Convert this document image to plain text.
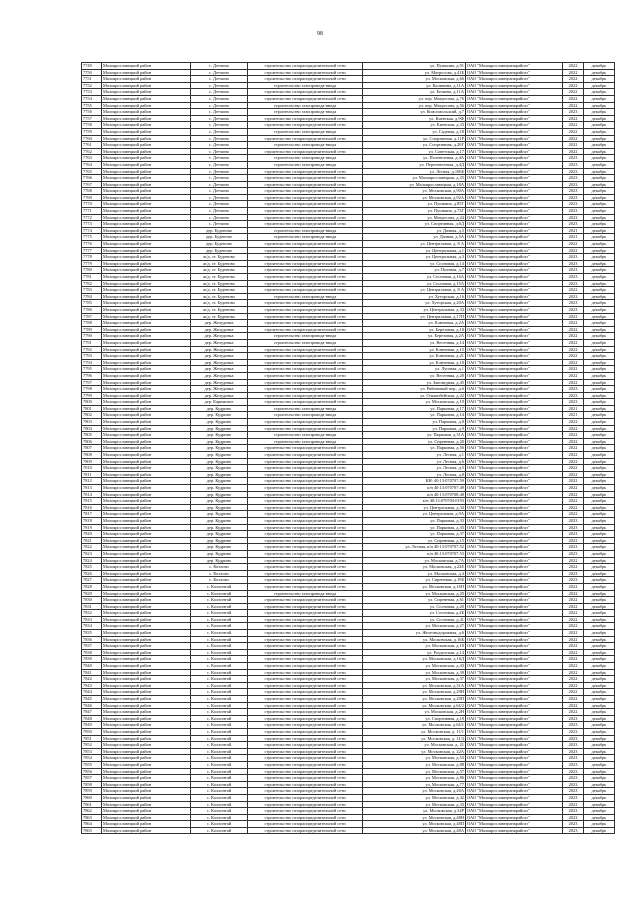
98
7749	Малоярославецкий район	с. Детчино	строительство газораспределительной сети	ул. Пушкина, д.91	ОАО "Малоярославецмежрайгаз"	2022	декабрь
7750	Малоярославецкий район	с. Детчино	строительство газораспределительной сети	ул. Матросова, д.41Б	ОАО "Малоярославецмежрайгаз"	2022	декабрь
7751	Малоярославецкий район	с. Детчино	строительство газораспределительной сети	ул. Московская, д.66	ОАО "Малоярославецмежрайгаз"	2022	декабрь
7752	Малоярославецкий район	с. Детчино	строительство газопровода-ввода	ул. Калинина, д.11А	ОАО "Малоярославецмежрайгаз"	2022	декабрь
7753	Малоярославецкий район	с. Детчино	строительство газораспределительной сети	ул. Беляева, д.11А	ОАО "Малоярославецмежрайгаз"	2022	декабрь
7754	Малоярославецкий район	с. Детчино	строительство газораспределительной сети	ул. пер. Матросова, д.76	ОАО "Малоярославецмежрайгаз"	2022	декабрь
7755	Малоярославецкий район	с. Детчино	строительство газопровода-ввода	ул. пер. Матросова, д.56	ОАО "Малоярославецмежрайгаз"	2022	декабрь
7756	Малоярославецкий район	с. Детчино	строительство газопровода-ввода	ул. Комсомольский, д.7	ОАО "Малоярославецмежрайгаз"	2023	декабрь
7757	Малоярославецкий район	с. Детчино	строительство газораспределительной сети	ул. Киевская, д.9Ф	ОАО "Малоярославецмежрайгаз"	2022	декабрь
7758	Малоярославецкий район	с. Детчино	строительство газораспределительной сети	ул. Киевская, д.33	ОАО "Малоярославецмежрайгаз"	2022	декабрь
7759	Малоярославецкий район	с. Детчино	строительство газопровода-ввода	ул. Садовая, д.18	ОАО "Малоярославецмежрайгаз"	2022	декабрь
7760	Малоярославецкий район	с. Детчино	строительство газораспределительной сети	ул. Спортивная, д.11Р	ОАО "Малоярославецмежрайгаз"	2022	декабрь
7761	Малоярославецкий район	с. Детчино	строительство газопровода-ввода	ул. Спортивная, д.20Г	ОАО "Малоярославецмежрайгаз"	2022	декабрь
7762	Малоярославецкий район	с. Детчино	строительство газораспределительной сети	ул. Советская, д.17	ОАО "Малоярославецмежрайгаз"	2022	декабрь
7763	Малоярославецкий район	с. Детчино	строительство газопровода-ввода	ул. Полевелевая, д.4А	ОАО "Малоярославецмежрайгаз"	2023	декабрь
7764	Малоярославецкий район	с. Детчино	строительство газопровода-ввода	ул. Перелевелевая, д.4Д	ОАО "Малоярославецмежрайгаз"	2023	декабрь
7765	Малоярославецкий район	с. Детчино	строительство газораспределительной сети	ул. Лесная, д.106Б	ОАО "Малоярославецмежрайгаз"	2023	декабрь
7766	Малоярославецкий район	с. Детчино	строительство газораспределительной сети	ул. Малоярославецкая, д.25	ОАО "Малоярославецмежрайгаз"	2023	декабрь
7767	Малоярославецкий район	с. Детчино	строительство газораспределительной сети	ул. Малоярославецкая, д.18А	ОАО "Малоярославецмежрайгаз"	2023	декабрь
7768	Малоярославецкий район	с. Детчино	строительство газораспределительной сети	ул. Московская, д.90А	ОАО "Малоярославецмежрайгаз"	2023	декабрь
7769	Малоярославецкий район	с. Детчино	строительство газораспределительной сети	ул. Московская, д.92А	ОАО "Малоярославецмежрайгаз"	2023	декабрь
7770	Малоярославецкий район	с. Детчино	строительство газораспределительной сети	ул. Пушкина, д.85Г	ОАО "Малоярославецмежрайгаз"	2023	декабрь
7771	Малоярославецкий район	с. Детчино	строительство газораспределительной сети	ул. Пушкина, д.73Г	ОАО "Малоярославецмежрайгаз"	2023	декабрь
7772	Малоярославецкий район	с. Детчино	строительство газораспределительной сети	ул. Матросова, д.24	ОАО "Малоярославецмежрайгаз"	2023	декабрь
7773	Малоярославецкий район	с. Детчино	строительство газораспределительной сети	ул. Спортивная, д.6Д	ОАО "Малоярославецмежрайгаз"	2023	декабрь
7774	Малоярославецкий район	дер. Буденово	строительство газопровода-ввода	ул. Дачная, д.5	ОАО "Малоярославецмежрайгаз"	2021	декабрь
7775	Малоярославецкий район	дер. Буденово	строительство газопровода-ввода	ул. Дачная, д.5А	ОАО "Малоярославецмежрайгаз"	2021	декабрь
7776	Малоярославецкий район	дер. Буденово	строительство газораспределительной сети	ул. Центральная, д. 8 А	ОАО "Малоярославецмежрайгаз"	2022	декабрь
7777	Малоярославецкий район	дер. Буденово	строительство газораспределительной сети	ул. Центральная, д.1	ОАО "Малоярославецмежрайгаз"	2022	декабрь
7778	Малоярославецкий район	ж/д. ст. Буденово	строительство газораспределительной сети	ул. Центральная, д.3	ОАО "Малоярославецмежрайгаз"	2023	декабрь
7779	Малоярославецкий район	ж/д. ст. Буденово	строительство газораспределительной сети	ул. Сосновая, д.14	ОАО "Малоярославецмежрайгаз"	2023	декабрь
7780	Малоярославецкий район	ж/д. ст. Буденово	строительство газораспределительной сети	ул. Полевая, д.7	ОАО "Малоярославецмежрайгаз"	2023	декабрь
7781	Малоярославецкий район	ж/д. ст. Буденово	строительство газораспределительной сети	ул. Сосновая, д.16А	ОАО "Малоярославецмежрайгаз"	2023	декабрь
7782	Малоярославецкий район	ж/д. ст. Буденово	строительство газораспределительной сети	ул. Сосновая, д.15А	ОАО "Малоярославецмежрайгаз"	2023	декабрь
7783	Малоярославецкий район	ж/д. ст. Буденово	строительство газораспределительной сети	ул. Центральная, д. 8 А	ОАО "Малоярославецмежрайгаз"	2022	декабрь
7784	Малоярославецкий район	ж/д. ст. Буденово	строительство газопровода-ввода	ул. Хуторская, д.16	ОАО "Малоярославецмежрайгаз"	2023	декабрь
7785	Малоярославецкий район	ж/д. ст. Буденово	строительство газораспределительной сети	ул. Хуторская, д.20А	ОАО "Малоярославецмежрайгаз"	2023	декабрь
7786	Малоярославецкий район	ж/д. ст. Буденово	строительство газораспределительной сети	ул. Центральная, д.33	ОАО "Малоярославецмежрайгаз"	2023	декабрь
7787	Малоярославецкий район	ж/д. ст. Буденово	строительство газораспределительной сети	ул. Центральная, д.17П	ОАО "Малоярославецмежрайгаз"	2023	декабрь
7788	Малоярославецкий район	дер. Желудовка	строительство газораспределительной сети	ул. Ключевая, д.2А	ОАО "Малоярославецмежрайгаз"	2022	декабрь
7789	Малоярославецкий район	дер. Желудовка	строительство газораспределительной сети	ул. Березовая, д.18	ОАО "Малоярославецмежрайгаз"	2022	декабрь
7790	Малоярославецкий район	дер. Желудовка	строительство газопровода-ввода	ул. Березовая, д.2А	ОАО "Малоярославецмежрайгаз"	2022	декабрь
7791	Малоярославецкий район	дер. Желудовка	строительство газопровода-ввода	ул. Весенняя, д.14	ОАО "Малоярославецмежрайгаз"	2022	декабрь
7792	Малоярославецкий район	дер. Желудовка	строительство газораспределительной сети	ул. Ключевая, д.15	ОАО "Малоярославецмежрайгаз"	2022	декабрь
7793	Малоярославецкий район	дер. Желудовка	строительство газораспределительной сети	ул. Ключевая, д.21	ОАО "Малоярославецмежрайгаз"	2022	декабрь
7794	Малоярославецкий район	дер. Желудовка	строительство газораспределительной сети	ул. Ключевая, д.18	ОАО "Малоярославецмежрайгаз"	2022	декабрь
7795	Малоярославецкий район	дер. Желудовка	строительство газораспределительной сети	ул. Луговая, д.1	ОАО "Малоярославецмежрайгаз"	2022	декабрь
7796	Малоярославецкий район	дер. Желудовка	строительство газораспределительной сети	ул. Весенняя, д.20	ОАО "Малоярославецмежрайгаз"	2022	декабрь
7797	Малоярославецкий район	дер. Желудовка	строительство газораспределительной сети	ул. Заповедная, д.45	ОАО "Малоярославецмежрайгаз"	2022	декабрь
7798	Малоярославецкий район	дер. Желудовка	строительство газораспределительной сети	ул. Рябиновый пер., д.6	ОАО "Малоярославецмежрайгаз"	2023	декабрь
7799	Малоярославецкий район	дер. Желудовка	строительство газораспределительной сети	ул. Ольшибейская, д.22	ОАО "Малоярославецмежрайгаз"	2023	декабрь
7800	Малоярославецкий район	дер. Карижское	строительство газораспределительной сети	ул. Московская, д.19	ОАО "Малоярославецмежрайгаз"	2023	декабрь
7801	Малоярославецкий район	дер. Кудрино	строительство газопровода-ввода	ул. Парковая, д.17	ОАО "Малоярославецмежрайгаз"	2021	декабрь
7802	Малоярославецкий район	дер. Кудрино	строительство газопровода-ввода	ул. Парковая, д.14	ОАО "Малоярославецмежрайгаз"	2021	декабрь
7803	Малоярославецкий район	дер. Кудрино	строительство газораспределительной сети	ул. Парковая, д.8	ОАО "Малоярославецмежрайгаз"	2022	декабрь
7804	Малоярославецкий район	дер. Кудрино	строительство газораспределительной сети	ул. Парковая, д.9	ОАО "Малоярославецмежрайгаз"	2022	декабрь
7805	Малоярославецкий район	дер. Кудрино	строительство газопровода-ввода	ул. Парковая, д.31А	ОАО "Малоярославецмежрайгаз"	2022	декабрь
7806	Малоярославецкий район	дер. Кудрино	строительство газопровода-ввода	ул. Сиреневая, д.20	ОАО "Малоярославецмежрайгаз"	2022	декабрь
7807	Малоярославецкий район	дер. Кудрино	строительство газораспределительной сети	ул. Парковая, д.56	ОАО "Малоярославецмежрайгаз"	2022	декабрь
7808	Малоярославецкий район	дер. Кудрино	строительство газораспределительной сети	ул. Лесная, д.1	ОАО "Малоярославецмежрайгаз"	2022	декабрь
7809	Малоярославецкий район	дер. Кудрино	строительство газораспределительной сети	ул. Лесная, д.6	ОАО "Малоярославецмежрайгаз"	2022	декабрь
7810	Малоярославецкий район	дер. Кудрино	строительство газораспределительной сети	ул. Лесная, д.5	ОАО "Малоярославецмежрайгаз"	2022	декабрь
7811	Малоярославецкий район	дер. Кудрино	строительство газораспределительной сети	ул. Лесная, д.8	ОАО "Малоярославецмежрайгаз"	2022	декабрь
7812	Малоярославецкий район	дер. Кудрино	строительство газораспределительной сети	КН: 40:13:070707:59	ОАО "Малоярославецмежрайгаз"	2022	декабрь
7813	Малоярославецкий район	дер. Кудрино	строительство газораспределительной сети	к/н 40:13:070707:49	ОАО "Малоярославецмежрайгаз"	2022	декабрь
7814	Малоярославецкий район	дер. Кудрино	строительство газораспределительной сети	к/н 40:13:070708:48	ОАО "Малоярославецмежрайгаз"	2022	декабрь
7815	Малоярославецкий район	дер. Кудрино	строительство газораспределительной сети	к/н 40:13:070704:0193	ОАО "Малоярославецмежрайгаз"	2022	декабрь
7816	Малоярославецкий район	дер. Кудрино	строительство газораспределительной сети	ул. Центральная, д.34	ОАО "Малоярославецмежрайгаз"	2022	декабрь
7817	Малоярославецкий район	дер. Кудрино	строительство газораспределительной сети	ул. Центральная, д.9А	ОАО "Малоярославецмежрайгаз"	2022	декабрь
7818	Малоярославецкий район	дер. Кудрино	строительство газораспределительной сети	ул. Парковая, д.33	ОАО "Малоярославецмежрайгаз"	2023	декабрь
7819	Малоярославецкий район	дер. Кудрино	строительство газораспределительной сети	ул. Парковая, д.35	ОАО "Малоярославецмежрайгаз"	2023	декабрь
7820	Малоярославецкий район	дер. Кудрино	строительство газораспределительной сети	ул. Парковая, д.37	ОАО "Малоярославецмежрайгаз"	2023	декабрь
7821	Малоярославецкий район	дер. Кудрино	строительство газораспределительной сети	ул. Сиреневая, д.15	ОАО "Малоярославецмежрайгаз"	2023	декабрь
7822	Малоярославецкий район	дер. Кудрино	строительство газораспределительной сети	ул. Лесная, к/н 40:13:070707:52	ОАО "Малоярославецмежрайгаз"	2023	декабрь
7823	Малоярославецкий район	дер. Кудрино	строительство газораспределительной сети	к/н 40:13:070707:53	ОАО "Малоярославецмежрайгаз"	2023	декабрь
7824	Малоярославецкий район	дер. Кудрино	строительство газораспределительной сети	ул. Московская, д.7А	ОАО "Малоярославецмежрайгаз"	2022	декабрь
7825	Малоярославецкий район	с. Козлово	строительство газораспределительной сети	ул. Московская, д.22Е	ОАО "Малоярославецмежрайгаз"	2022	декабрь
7826	Малоярославецкий район	с. Козлово	строительство газораспределительной сети	ул. Московская, д.4	ОАО "Малоярославецмежрайгаз"	2023	декабрь
7827	Малоярославецкий район	с. Козлово	строительство газораспределительной сети	ул. Сиреневая, д.19Б	ОАО "Малоярославецмежрайгаз"	2023	декабрь
7828	Малоярославецкий район	с. Коллонтай	строительство газораспределительной сети	ул. Московская, д.16П	ОАО "Малоярославецмежрайгаз"	2022	декабрь
7829	Малоярославецкий район	с. Коллонтай	строительство газопровода-ввода	ул. Московская, д.29	ОАО "Малоярославецмежрайгаз"	2022	декабрь
7830	Малоярославецкий район	с. Коллонтай	строительство газораспределительной сети	ул. Сиреневая, д.61	ОАО "Малоярославецмежрайгаз"	2022	декабрь
7831	Малоярославецкий район	с. Коллонтай	строительство газораспределительной сети	ул. Сосновая, д.20	ОАО "Малоярославецмежрайгаз"	2022	декабрь
7832	Малоярославецкий район	с. Коллонтай	строительство газораспределительной сети	ул. Сосновая, д.2Б	ОАО "Малоярославецмежрайгаз"	2022	декабрь
7833	Малоярославецкий район	с. Коллонтай	строительство газораспределительной сети	ул. Сосновая, д.41	ОАО "Малоярославецмежрайгаз"	2022	декабрь
7834	Малоярославецкий район	с. Коллонтай	строительство газораспределительной сети	ул. Московская, д.27	ОАО "Малоярославецмежрайгаз"	2022	декабрь
7835	Малоярославецкий район	с. Коллонтай	строительство газораспределительной сети	ул. Железнодорожная, д.6	ОАО "Малоярославецмежрайгаз"	2022	декабрь
7836	Малоярославецкий район	с. Коллонтай	строительство газораспределительной сети	ул. Московская, д.16Б	ОАО "Малоярославецмежрайгаз"	2022	декабрь
7837	Малоярославецкий район	с. Коллонтай	строительство газораспределительной сети	ул. Московская, д.10	ОАО "Малоярославецмежрайгаз"	2022	декабрь
7838	Малоярославецкий район	с. Коллонтай	строительство газораспределительной сети	ул. Раздолская, д.14	ОАО "Малоярославецмежрайгаз"	2022	декабрь
7839	Малоярославецкий район	с. Коллонтай	строительство газораспределительной сети	ул. Московская, д.16Д	ОАО "Малоярославецмежрайгаз"	2022	декабрь
7840	Малоярославецкий район	с. Коллонтай	строительство газораспределительной сети	ул. Московская, д.43	ОАО "Малоярославецмежрайгаз"	2022	декабрь
7841	Малоярославецкий район	с. Коллонтай	строительство газораспределительной сети	ул. Московская, д.39	ОАО "Малоярославецмежрайгаз"	2022	декабрь
7842	Малоярославецкий район	с. Коллонтай	строительство газораспределительной сети	ул. Московская, д.37	ОАО "Малоярославецмежрайгаз"	2022	декабрь
7843	Малоярославецкий район	с. Коллонтай	строительство газораспределительной сети	ул. Московская, д.31А	ОАО "Малоярославецмежрайгаз"	2022	декабрь
7844	Малоярославецкий район	с. Коллонтай	строительство газораспределительной сети	ул. Московская, д.29Н	ОАО "Малоярославецмежрайгаз"	2022	декабрь
7845	Малоярославецкий район	с. Коллонтай	строительство газораспределительной сети	ул. Московская, д.29П	ОАО "Малоярославецмежрайгаз"	2022	декабрь
7846	Малоярославецкий район	с. Коллонтай	строительство газораспределительной сети	ул. Московская, д.64/2	ОАО "Малоярославецмежрайгаз"	2022	декабрь
7847	Малоярославецкий район	с. Коллонтай	строительство газораспределительной сети	ул. Московская, д.2Н	ОАО "Малоярославецмежрайгаз"	2022	декабрь
7848	Малоярославецкий район	с. Коллонтай	строительство газораспределительной сети	ул. Спортивная, д.18	ОАО "Малоярославецмежрайгаз"	2023	декабрь
7849	Малоярославецкий район	с. Коллонтай	строительство газораспределительной сети	ул. Московская, д.64/1	ОАО "Малоярославецмежрайгаз"	2023	декабрь
7850	Малоярославецкий район	с. Коллонтай	строительство газораспределительной сети	ул. Московская, д. 11/1	ОАО "Малоярославецмежрайгаз"	2023	декабрь
7851	Малоярославецкий район	с. Коллонтай	строительство газораспределительной сети	ул. Московская, д. 11/3	ОАО "Малоярославецмежрайгаз"	2023	декабрь
7852	Малоярославецкий район	с. Коллонтай	строительство газораспределительной сети	ул. Московская, д. 21	ОАО "Малоярославецмежрайгаз"	2023	декабрь
7853	Малоярославецкий район	с. Коллонтай	строительство газораспределительной сети	ул. Московская, д. 22А	ОАО "Малоярославецмежрайгаз"	2023	декабрь
7854	Малоярославецкий район	с. Коллонтай	строительство газораспределительной сети	ул. Московская, д.53	ОАО "Малоярославецмежрайгаз"	2023	декабрь
7855	Малоярославецкий район	с. Коллонтай	строительство газораспределительной сети	ул. Московская, д.88	ОАО "Малоярославецмежрайгаз"	2023	декабрь
7856	Малоярославецкий район	с. Коллонтай	строительство газораспределительной сети	ул. Московская, д.57	ОАО "Малоярославецмежрайгаз"	2023	декабрь
7857	Малоярославецкий район	с. Коллонтай	строительство газораспределительной сети	ул. Московская, д.86	ОАО "Малоярославецмежрайгаз"	2023	декабрь
7858	Малоярославецкий район	с. Коллонтай	строительство газораспределительной сети	ул. Московская, д.77	ОАО "Малоярославецмежрайгаз"	2023	декабрь
7859	Малоярославецкий район	с. Коллонтай	строительство газораспределительной сети	ул. Московская, д.26А	ОАО "Малоярославецмежрайгаз"	2023	декабрь
7860	Малоярославецкий район	с. Коллонтай	строительство газораспределительной сети	ул. Московская, д.42	ОАО "Малоярославецмежрайгаз"	2023	декабрь
7861	Малоярославецкий район	с. Коллонтай	строительство газораспределительной сети	ул. Московская, д.33	ОАО "Малоярославецмежрайгаз"	2023	декабрь
7862	Малоярославецкий район	с. Коллонтай	строительство газораспределительной сети	ул. Московская, д.34Р	ОАО "Малоярославецмежрайгаз"	2023	декабрь
7863	Малоярославецкий район	с. Коллонтай	строительство газораспределительной сети	ул. Московская, д.48Н	ОАО "Малоярославецмежрайгаз"	2023	декабрь
7864	Малоярославецкий район	с. Коллонтай	строительство газораспределительной сети	ул. Московская, д.48П	ОАО "Малоярославецмежрайгаз"	2023	декабрь
7865	Малоярославецкий район	с. Коллонтай	строительство газораспределительной сети	ул. Московская, д.48А	ОАО "Малоярославецмежрайгаз"	2023	декабрь
